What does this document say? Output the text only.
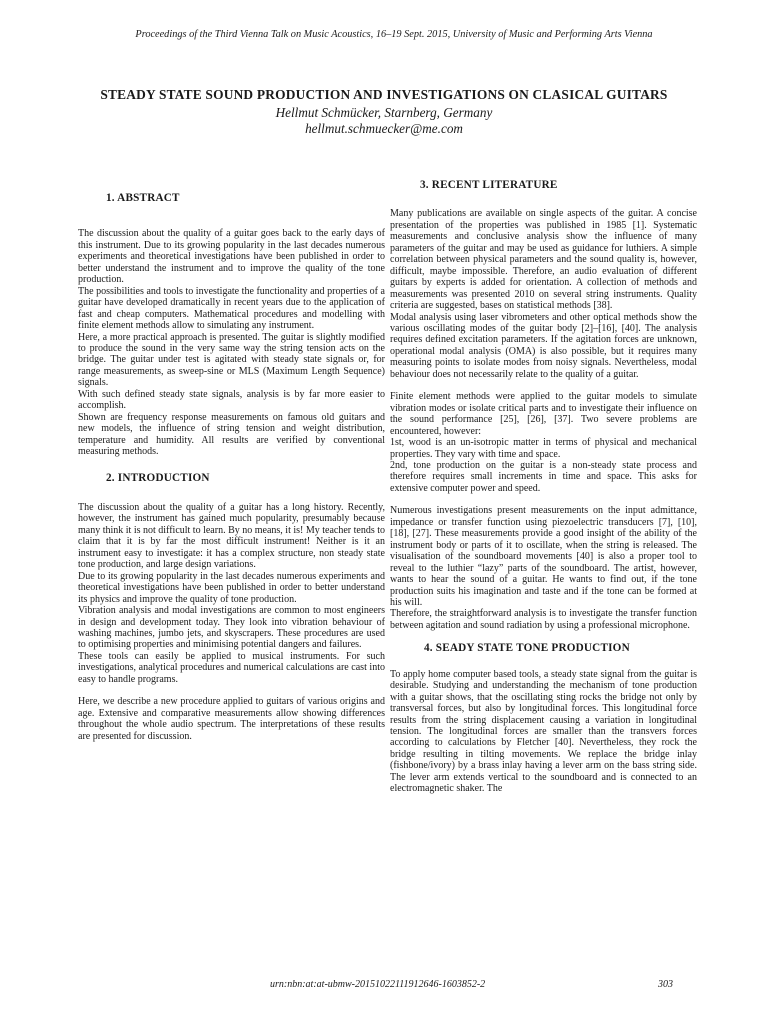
Proceedings of the Third Vienna Talk on Music Acoustics, 16–19 Sept. 2015, University of Music and Performing Arts Vienna

STEADY STATE SOUND PRODUCTION AND INVESTIGATIONS ON CLASICAL GUITARS

Hellmut Schmücker, Starnberg, Germany

hellmut.schmuecker@me.com

1. ABSTRACT

The discussion about the quality of a guitar goes back to the early days of this instrument. Due to its growing popularity in the last decades numerous experiments and theoretical investigations have been published in order to better understand the instrument and to improve the quality of the tone production.

The possibilities and tools to investigate the functionality and properties of a guitar have developed dramatically in recent years due to the application of fast and cheap computers. Mathematical procedures and modelling with finite element methods allow to simulating any instrument.

Here, a more practical approach is presented. The guitar is slightly modified to produce the sound in the very same way the string tension acts on the bridge. The guitar under test is agitated with steady state signals or, for range measurements, as sweep-sine or MLS (Maximum Length Sequence) signals.

With such defined steady state signals, analysis is by far more easier to accomplish.

Shown are frequency response measurements on famous old guitars and new models, the influence of string tension and weight distribution, temperature and humidity. All results are verified by conventional measuring methods.

2. INTRODUCTION

The discussion about the quality of a guitar has a long history. Recently, however, the instrument has gained much popularity, presumably because many think it is not difficult to learn. By no means, it is! My teacher tends to claim that it is by far the most difficult instrument! Neither is it an instrument easy to investigate: it has a complex structure, non steady state tone production, and large design variations.

Due to its growing popularity in the last decades numerous experiments and theoretical investigations have been published in order to better understand its physics and improve the quality of tone production.

Vibration analysis and modal investigations are common to most engineers in design and development today. They look into vibration behaviour of washing machines, jumbo jets, and skyscrapers. These procedures are used to optimising properties and minimising potential dangers and failures.

These tools can easily be applied to musical instruments. For such investigations, analytical procedures and numerical calculations are cast into easy to handle programs.

Here, we describe a new procedure applied to guitars of various origins and age. Extensive and comparative measurements allow showing differences throughout the whole audio spectrum. The interpretations of these results are presented for discussion.

3. RECENT LITERATURE

Many publications are available on single aspects of the guitar. A concise presentation of the properties was published in 1985 [1]. Systematic measurements and conclusive analysis show the influence of many parameters of the guitar and may be used as guidance for luthiers. A simple correlation between physical parameters and the sound quality is, however, difficult, maybe impossible. Therefore, an audio evaluation of different guitars by experts is added for orientation. A collection of methods and measurements was presented 2010 on several string instruments. Quality criteria are suggested, bases on statistical methods [38].

Modal analysis using laser vibrometers and other optical methods show the various oscillating modes of the guitar body [2]–[16], [40]. The analysis requires defined excitation parameters. If the agitation forces are unknown, operational modal analysis (OMA) is also possible, but it requires many measuring points to isolate modes from noisy signals. Nevertheless, modal behaviour does not necessarily relate to the quality of a guitar.

Finite element methods were applied to the guitar models to simulate vibration modes or isolate critical parts and to investigate their influence on the sound performance [25], [26], [37]. Two severe problems are encountered, however:

1st, wood is an un-isotropic matter in terms of physical and mechanical properties. They vary with time and space.

2nd, tone production on the guitar is a non-steady state process and therefore requires small increments in time and space. This asks for extensive computer power and speed.

Numerous investigations present measurements on the input admittance, impedance or transfer function using piezoelectric transducers [7], [10], [18], [27]. These measurements provide a good insight of the ability of the instrument body or parts of it to oscillate, when the string is released. The visualisation of the soundboard movements [40] is also a proper tool to reveal to the luthier “lazy” parts of the soundboard. The artist, however, wants to hear the sound of a guitar. He wants to find out, if the tone production suits his imagination and taste and if the tone can be formed at his will.

Therefore, the straightforward analysis is to investigate the transfer function between agitation and sound radiation by using a professional microphone.

4. SEADY STATE TONE PRODUCTION

To apply home computer based tools, a steady state signal from the guitar is desirable. Studying and understanding the mechanism of tone production with a guitar shows, that the oscillating sting rocks the bridge not only by transversal forces, but also by longitudinal forces. This longitudinal force results from the string displacement causing a variation in longitudinal tension. The longitudinal forces are smaller than the transvers forces according to calculations by Fletcher [40]. Nevertheless, they rock the bridge resulting in tilting movements. We replace the bridge inlay (fishbone/ivory) by a brass inlay having a lever arm on the bass string side. The lever arm extends vertical to the soundboard and is connected to an electromagnetic shaker. The

urn:nbn:at:at-ubmw-20151022111912646-1603852-2	303
